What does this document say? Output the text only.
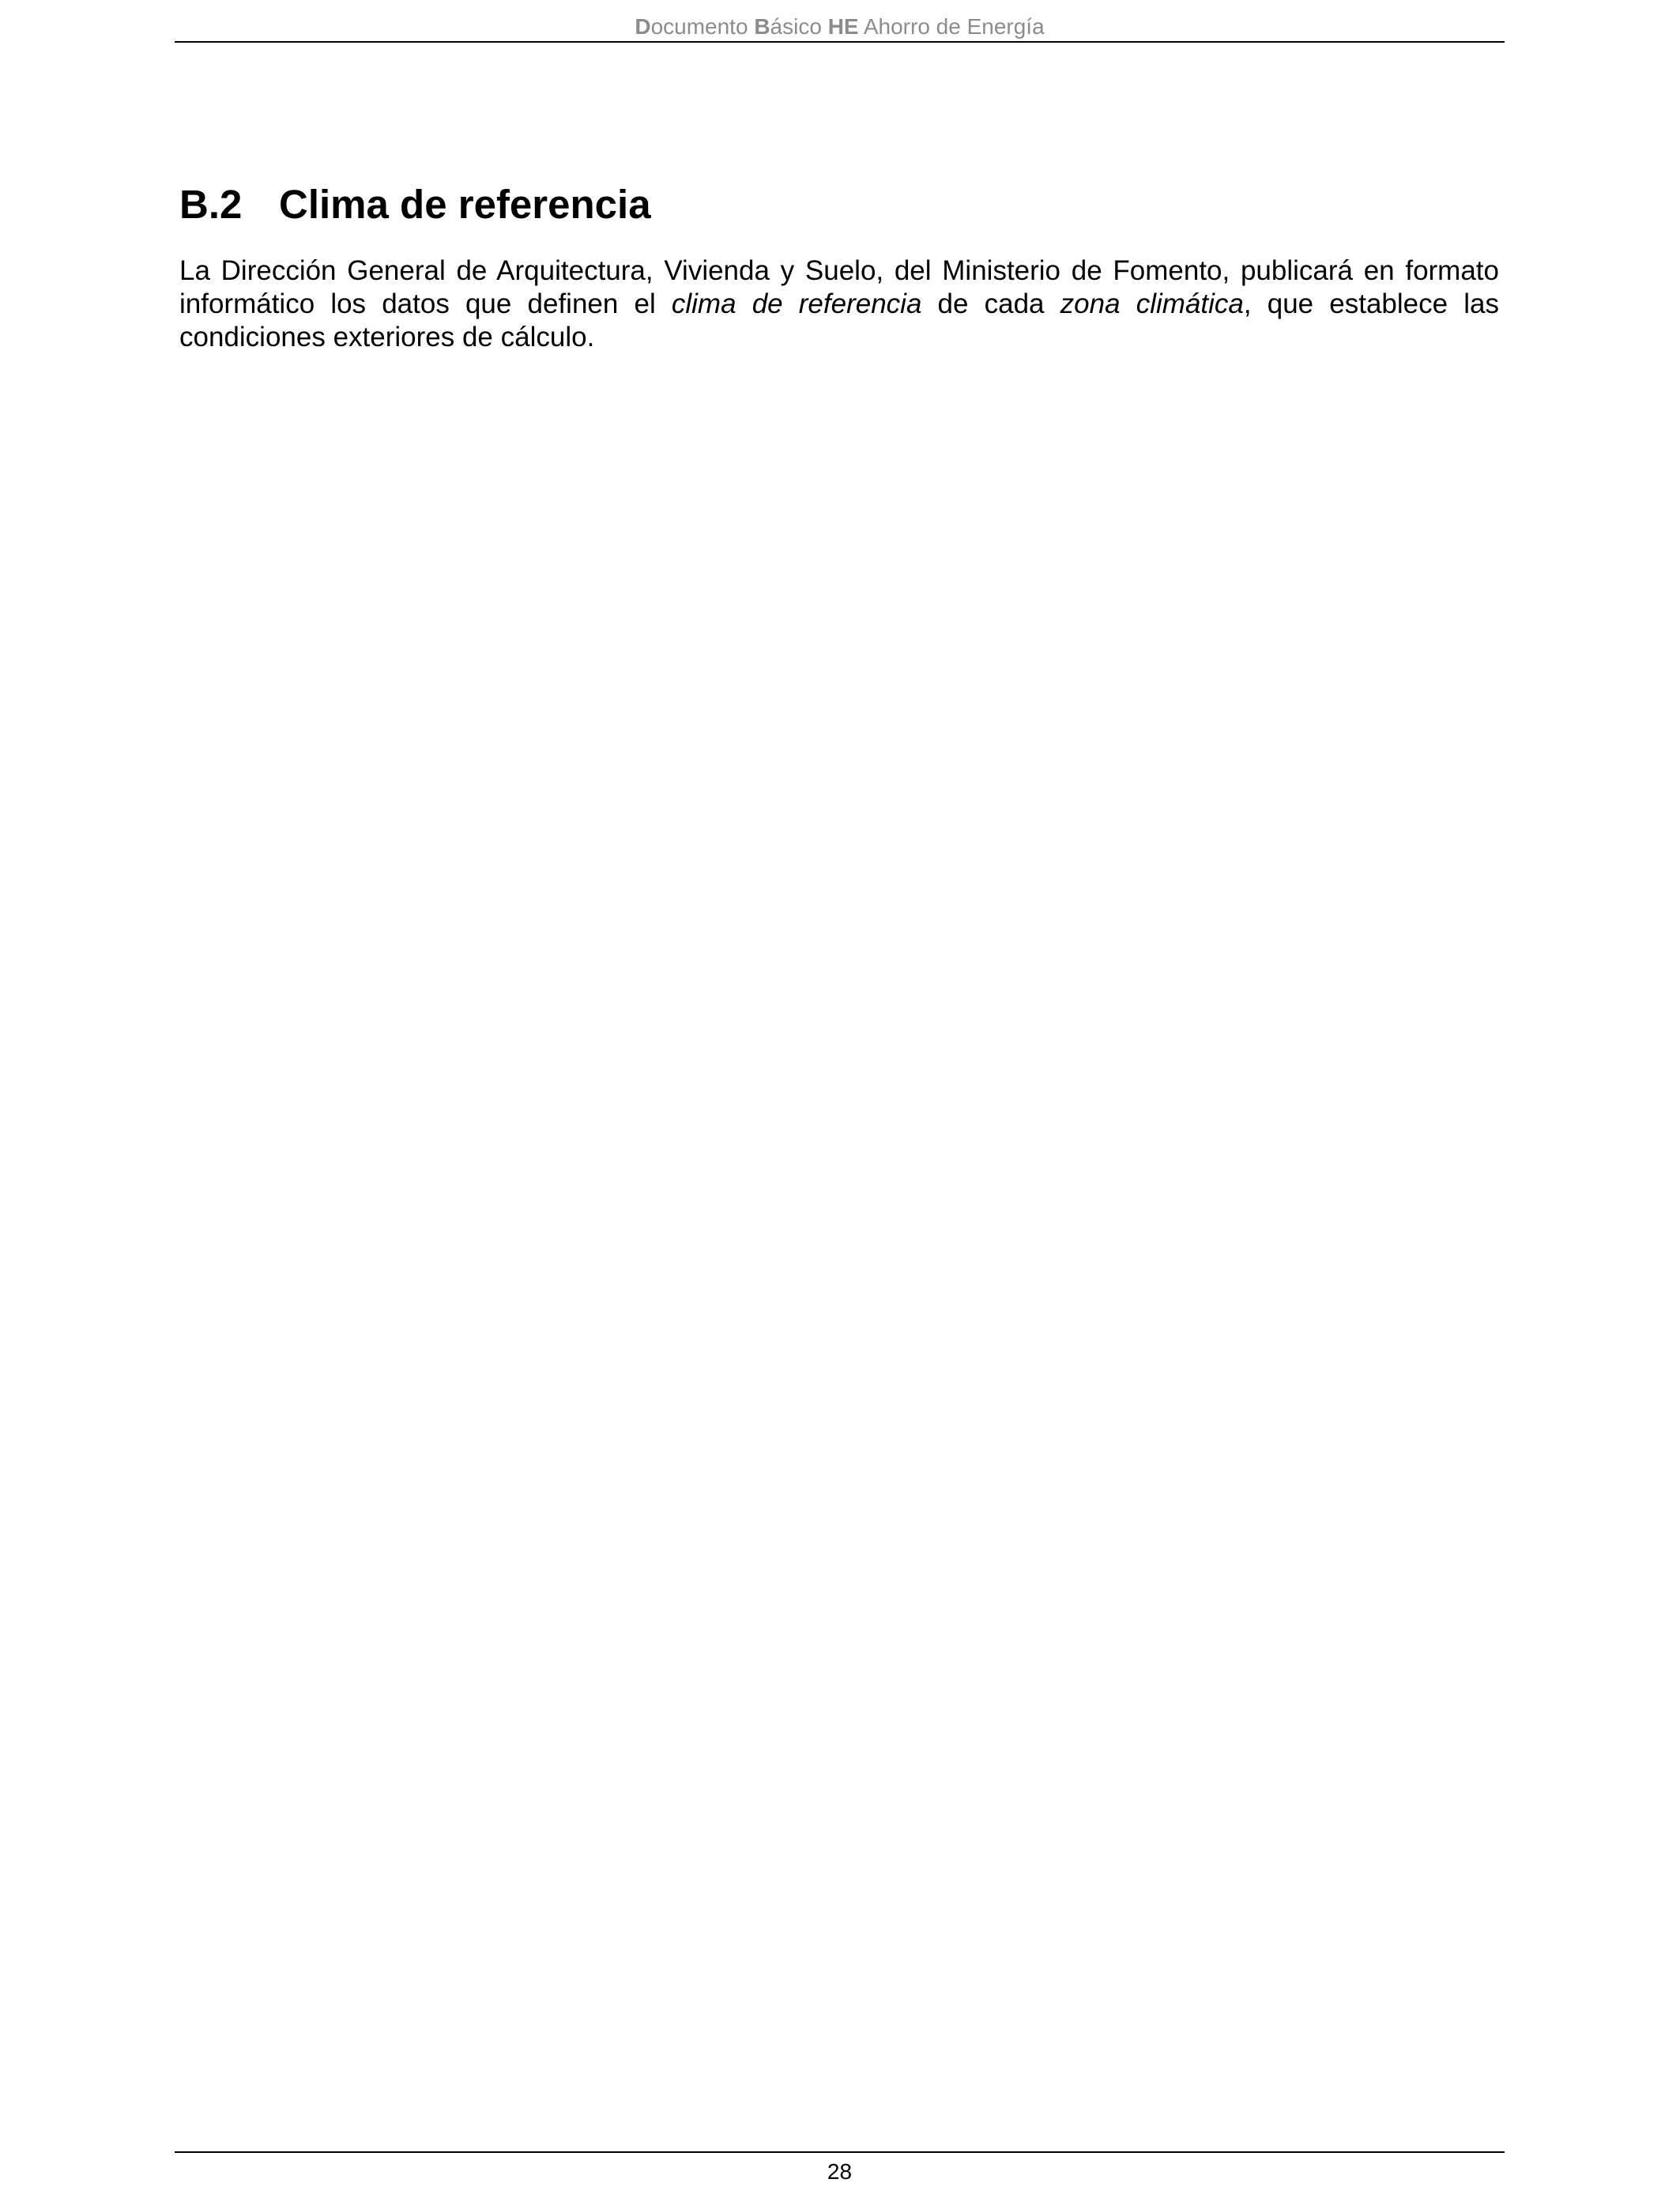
Documento Básico HE Ahorro de Energía
B.2 Clima de referencia

La Dirección General de Arquitectura, Vivienda y Suelo, del Ministerio de Fomento, publicará en formato informático los datos que definen el clima de referencia de cada zona climática, que establece las condiciones exteriores de cálculo.

28
